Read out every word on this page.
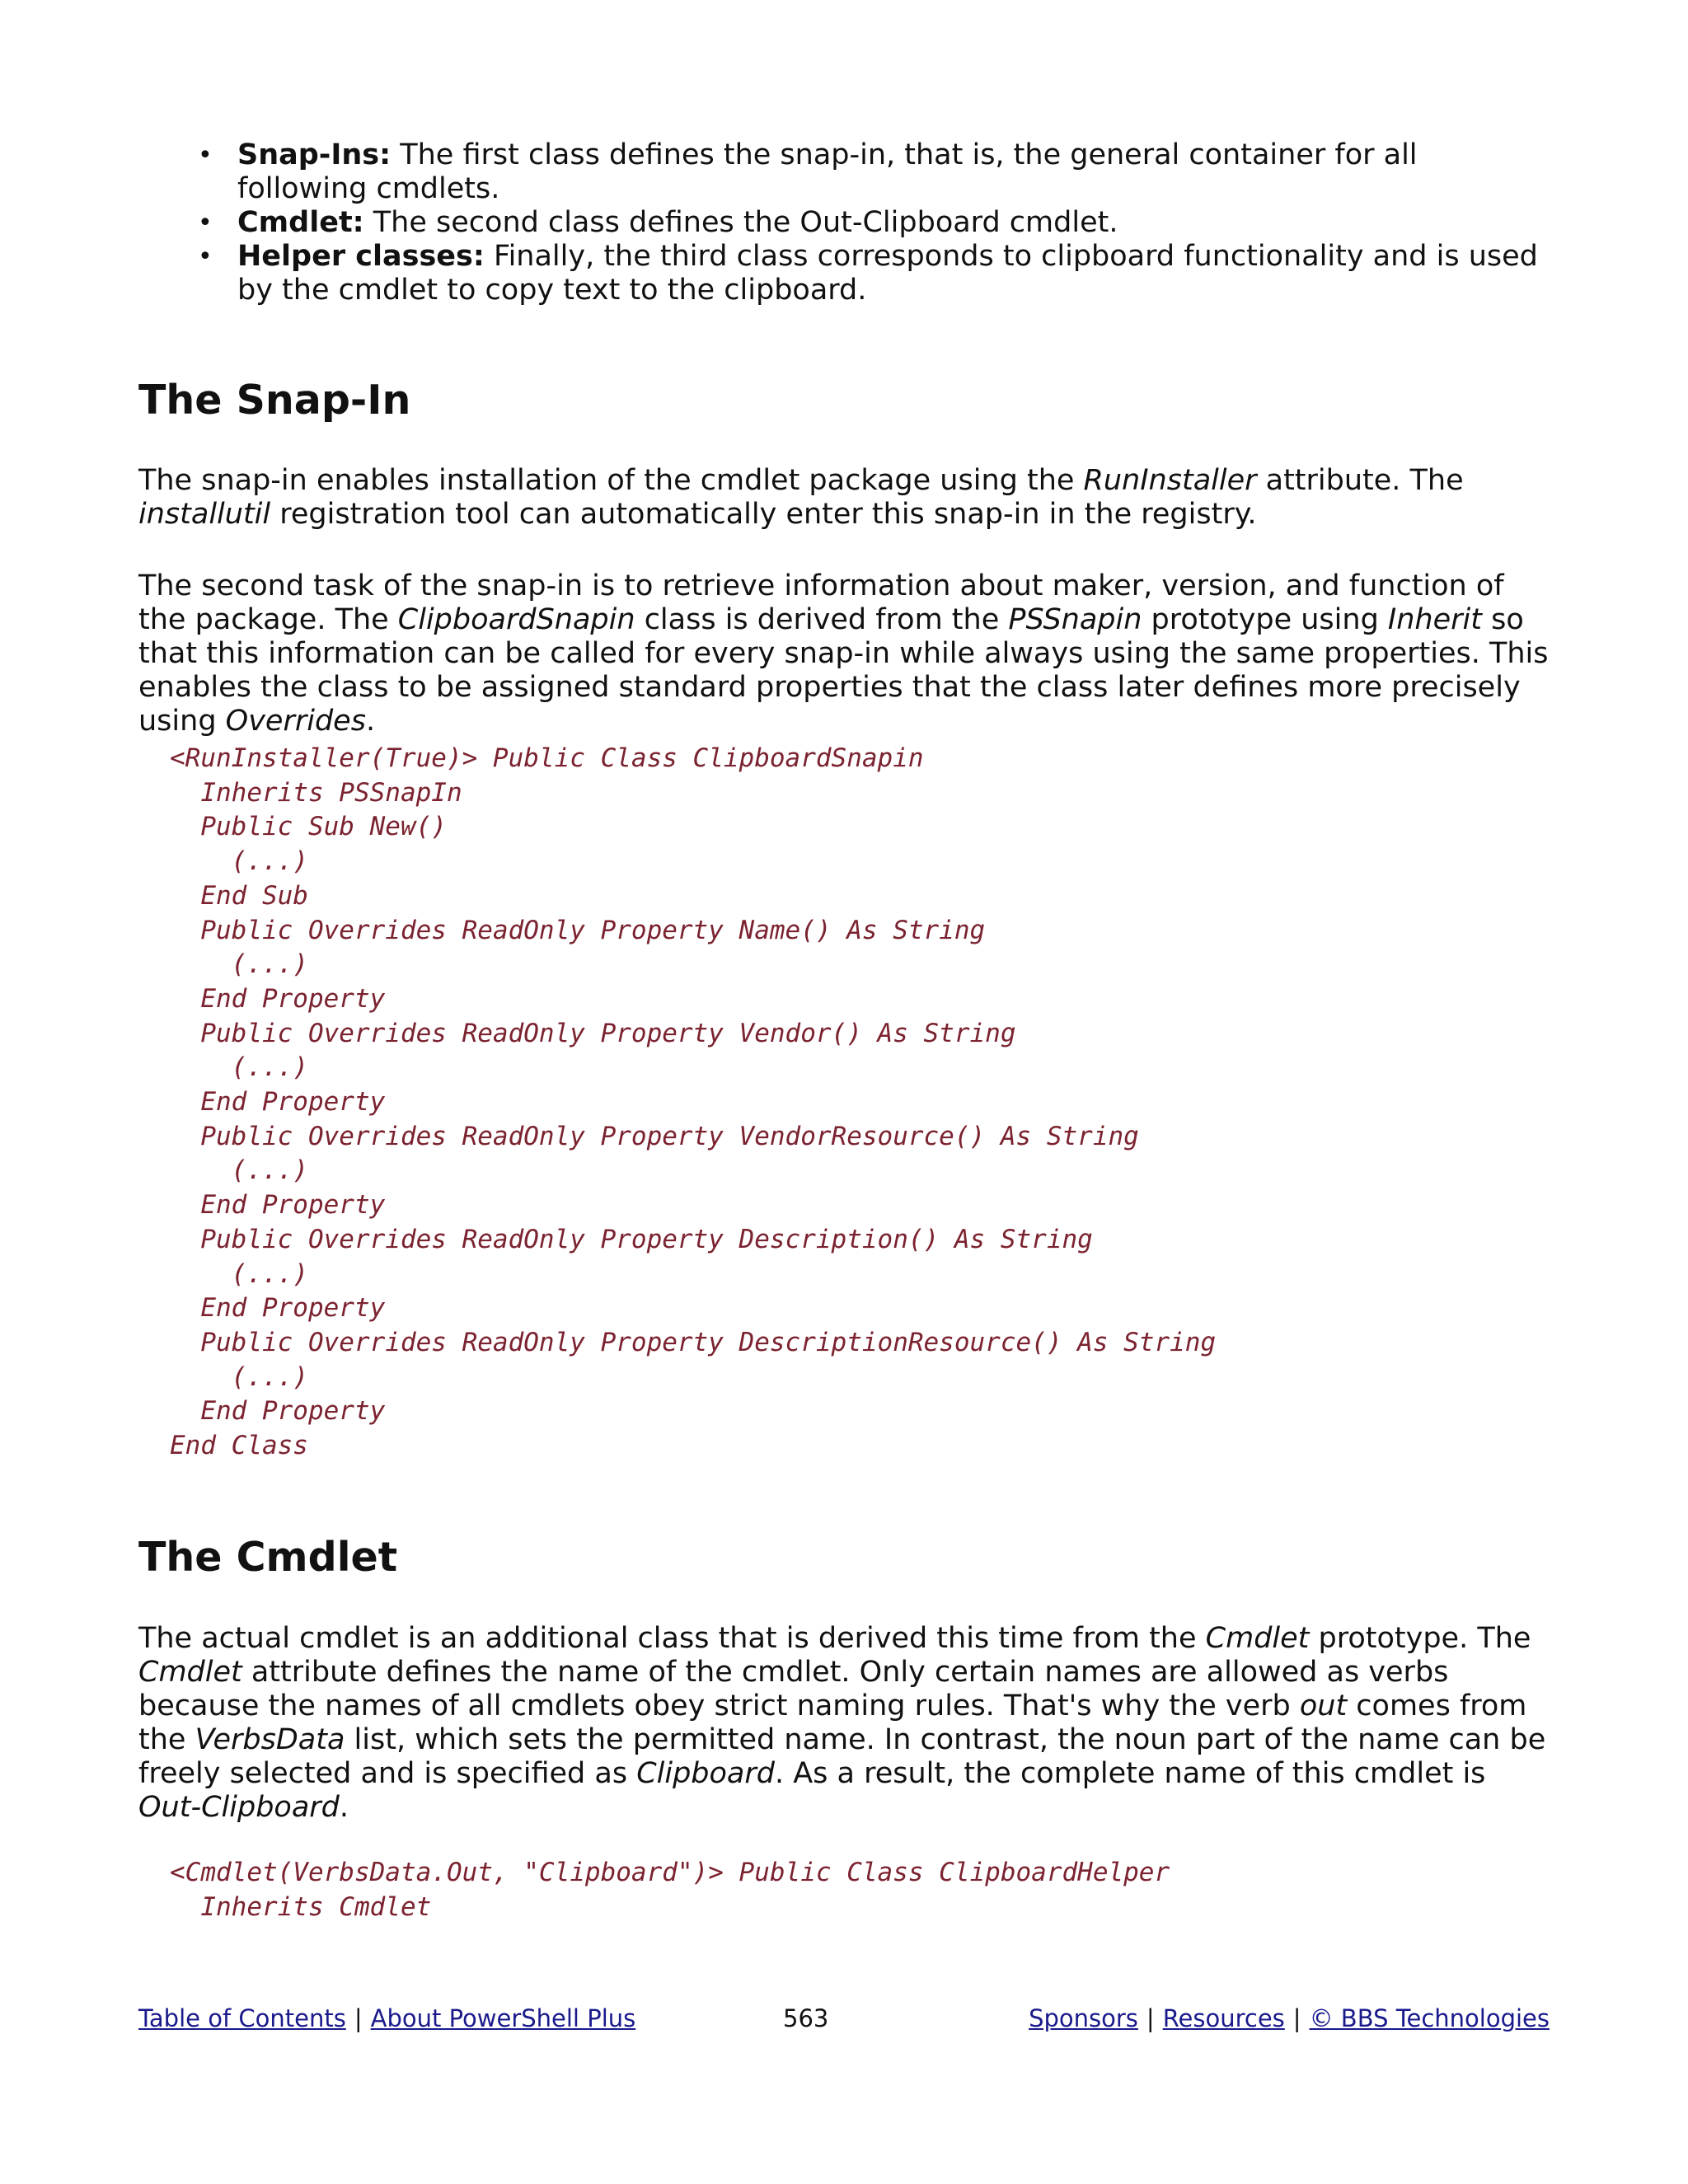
• Snap-Ins: The first class defines the snap-in, that is, the general container for all following cmdlets.
• Cmdlet: The second class defines the Out-Clipboard cmdlet.
• Helper classes: Finally, the third class corresponds to clipboard functionality and is used by the cmdlet to copy text to the clipboard.
The Snap-In

The snap-in enables installation of the cmdlet package using the RunInstaller attribute. The installutil registration tool can automatically enter this snap-in in the registry.

The second task of the snap-in is to retrieve information about maker, version, and function of the package. The ClipboardSnapin class is derived from the PSSnapin prototype using Inherit so that this information can be called for every snap-in while always using the same properties. This enables the class to be assigned standard properties that the class later defines more precisely using Overrides.

<RunInstaller(True)> Public Class ClipboardSnapin
Inherits PSSnapIn
Public Sub New()
(...)
End Sub
Public Overrides ReadOnly Property Name() As String
(...)
End Property
Public Overrides ReadOnly Property Vendor() As String
(...)
End Property
Public Overrides ReadOnly Property VendorResource() As String
(...)
End Property
Public Overrides ReadOnly Property Description() As String
(...)
End Property
Public Overrides ReadOnly Property DescriptionResource() As String
(...)
End Property
End Class
The Cmdlet

The actual cmdlet is an additional class that is derived this time from the Cmdlet prototype. The Cmdlet attribute defines the name of the cmdlet. Only certain names are allowed as verbs because the names of all cmdlets obey strict naming rules. That's why the verb out comes from the VerbsData list, which sets the permitted name. In contrast, the noun part of the name can be freely selected and is specified as Clipboard. As a result, the complete name of this cmdlet is Out-Clipboard.

<Cmdlet(VerbsData.Out, "Clipboard")> Public Class ClipboardHelper
Inherits Cmdlet
Table of Contents | About PowerShell Plus	563	Sponsors | Resources | © BBS Technologies
